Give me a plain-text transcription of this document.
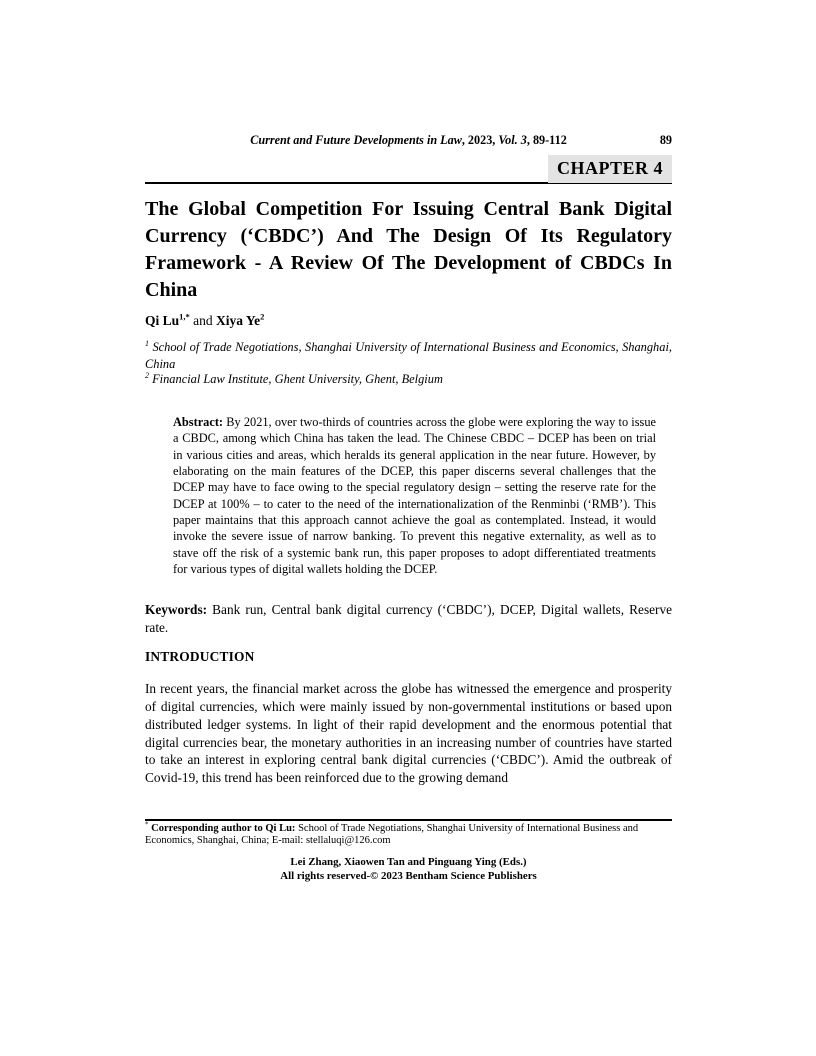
Current and Future Developments in Law, 2023, Vol. 3, 89-112	89
CHAPTER 4
The Global Competition For Issuing Central Bank Digital Currency (‘CBDC’) And The Design Of Its Regulatory Framework - A Review Of The Development of CBDCs In China
Qi $Lu^{1,*}$ and Xiya Ye$^2$
$^1$ School of Trade Negotiations, Shanghai University of International Business and Economics, Shanghai, China
$^2$ Financial Law Institute, Ghent University, Ghent, Belgium
Abstract: By 2021, over two-thirds of countries across the globe were exploring the way to issue a CBDC, among which China has taken the lead. The Chinese CBDC – DCEP has been on trial in various cities and areas, which heralds its general application in the near future. However, by elaborating on the main features of the DCEP, this paper discerns several challenges that the DCEP may have to face owing to the special regulatory design – setting the reserve rate for the DCEP at 100% – to cater to the need of the internationalization of the Renminbi (‘RMB’). This paper maintains that this approach cannot achieve the goal as contemplated. Instead, it would invoke the severe issue of narrow banking. To prevent this negative externality, as well as to stave off the risk of a systemic bank run, this paper proposes to adopt differentiated treatments for various types of digital wallets holding the DCEP.
Keywords: Bank run, Central bank digital currency (‘CBDC’), DCEP, Digital wallets, Reserve rate.
INTRODUCTION
In recent years, the financial market across the globe has witnessed the emergence and prosperity of digital currencies, which were mainly issued by non-governmental institutions or based upon distributed ledger systems. In light of their rapid development and the enormous potential that digital currencies bear, the monetary authorities in an increasing number of countries have started to take an interest in exploring central bank digital currencies (‘CBDC’). Amid the outbreak of Covid-19, this trend has been reinforced due to the growing demand
* Corresponding author to Qi Lu: School of Trade Negotiations, Shanghai University of International Business and Economics, Shanghai, China; E-mail: stellaluqi@126.com
Lei Zhang, Xiaowen Tan and Pinguang Ying (Eds.)
All rights reserved-© 2023 Bentham Science Publishers
